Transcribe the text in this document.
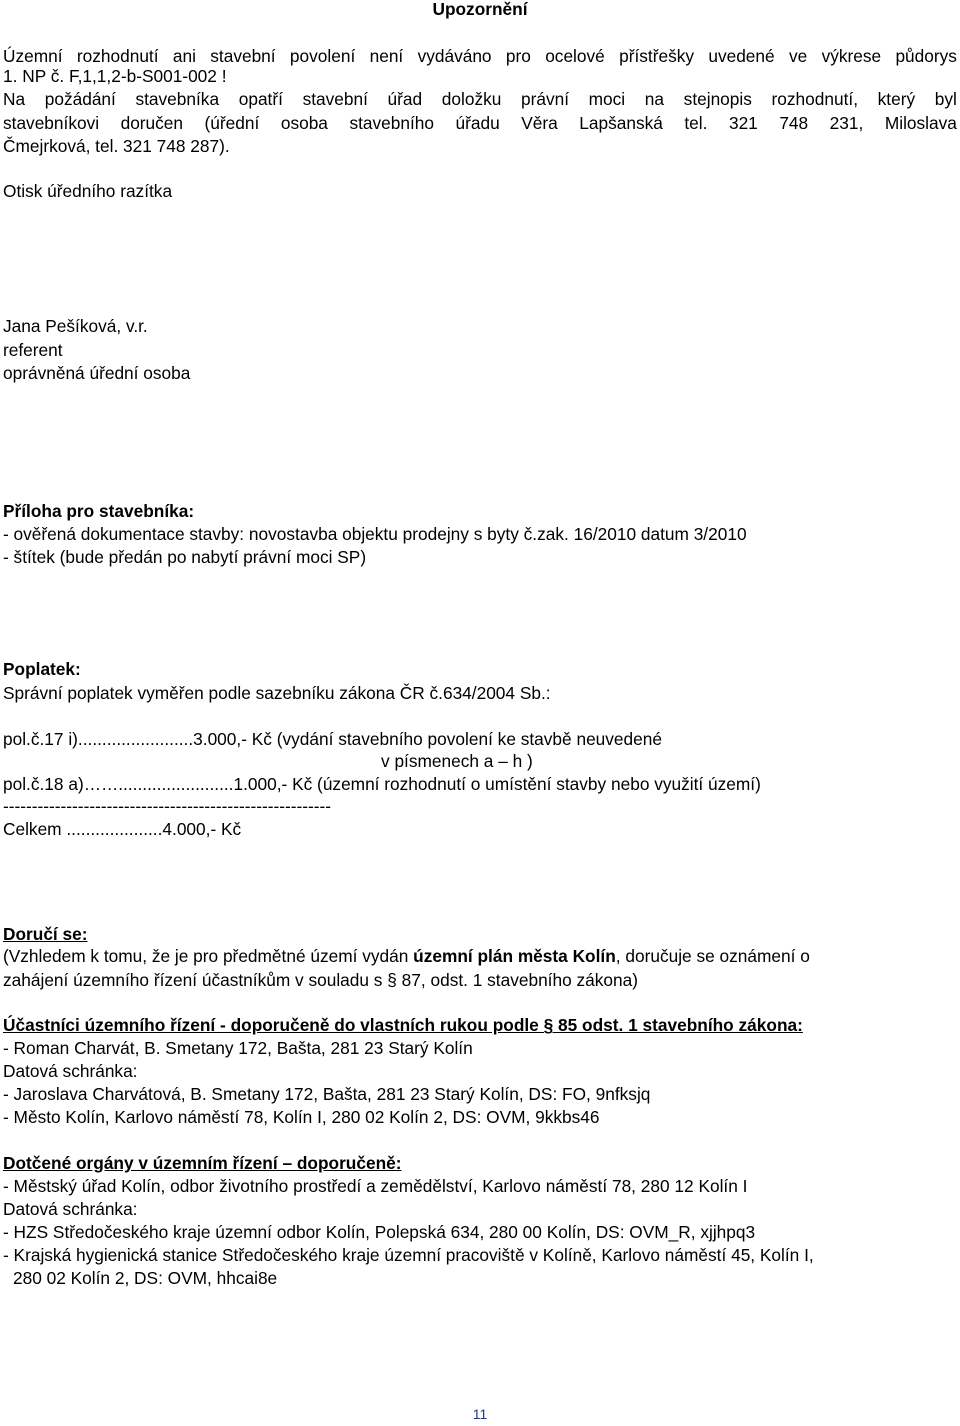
Upozornění
Územní rozhodnutí ani stavební povolení není vydáváno pro ocelové přístřešky uvedené ve výkrese půdorys
1. NP č. F,1,1,2-b-S001-002 !
Na požádání stavebníka opatří stavební úřad doložku právní moci na stejnopis rozhodnutí, který byl
stavebníkovi doručen (úřední osoba stavebního úřadu Věra Lapšanská tel. 321 748 231, Miloslava
Čmejrková, tel. 321 748 287).
Otisk úředního razítka
Jana Pešíková, v.r.
referent
oprávněná úřední osoba
Příloha pro stavebníka:
- ověřená dokumentace stavby: novostavba objektu prodejny s byty č.zak. 16/2010 datum 3/2010
- štítek (bude předán po nabytí právní moci SP)
Poplatek:
Správní poplatek vyměřen podle sazebníku zákona ČR č.634/2004 Sb.:
pol.č.17 i)........................3.000,- Kč (vydání stavebního povolení ke stavbě neuvedené
v písmenech a – h )
pol.č.18 a)……........................1.000,- Kč (územní rozhodnutí o umístění stavby nebo využití území)
---------------------------------------------------------
Celkem ....................4.000,- Kč
Doručí se:
(Vzhledem k tomu, že je pro předmětné území vydán územní plán města Kolín, doručuje se oznámení o
zahájení územního řízení účastníkům v souladu s § 87, odst. 1 stavebního zákona)
Účastníci územního řízení - doporučeně do vlastních rukou podle § 85 odst. 1 stavebního zákona:
- Roman Charvát, B. Smetany 172, Bašta, 281 23 Starý Kolín
Datová schránka:
- Jaroslava Charvátová, B. Smetany 172, Bašta, 281 23 Starý Kolín, DS: FO, 9nfksjq
- Město Kolín, Karlovo náměstí 78, Kolín I, 280 02 Kolín 2, DS: OVM, 9kkbs46
Dotčené orgány v územním řízení – doporučeně:
- Městský úřad Kolín, odbor životního prostředí a zemědělství, Karlovo náměstí 78, 280 12 Kolín I
Datová schránka:
- HZS Středočeského kraje územní odbor Kolín, Polepská 634, 280 00 Kolín, DS: OVM_R, xjjhpq3
- Krajská hygienická stanice Středočeského kraje územní pracoviště v Kolíně, Karlovo náměstí 45, Kolín I,
280 02 Kolín 2, DS: OVM, hhcai8e
11
